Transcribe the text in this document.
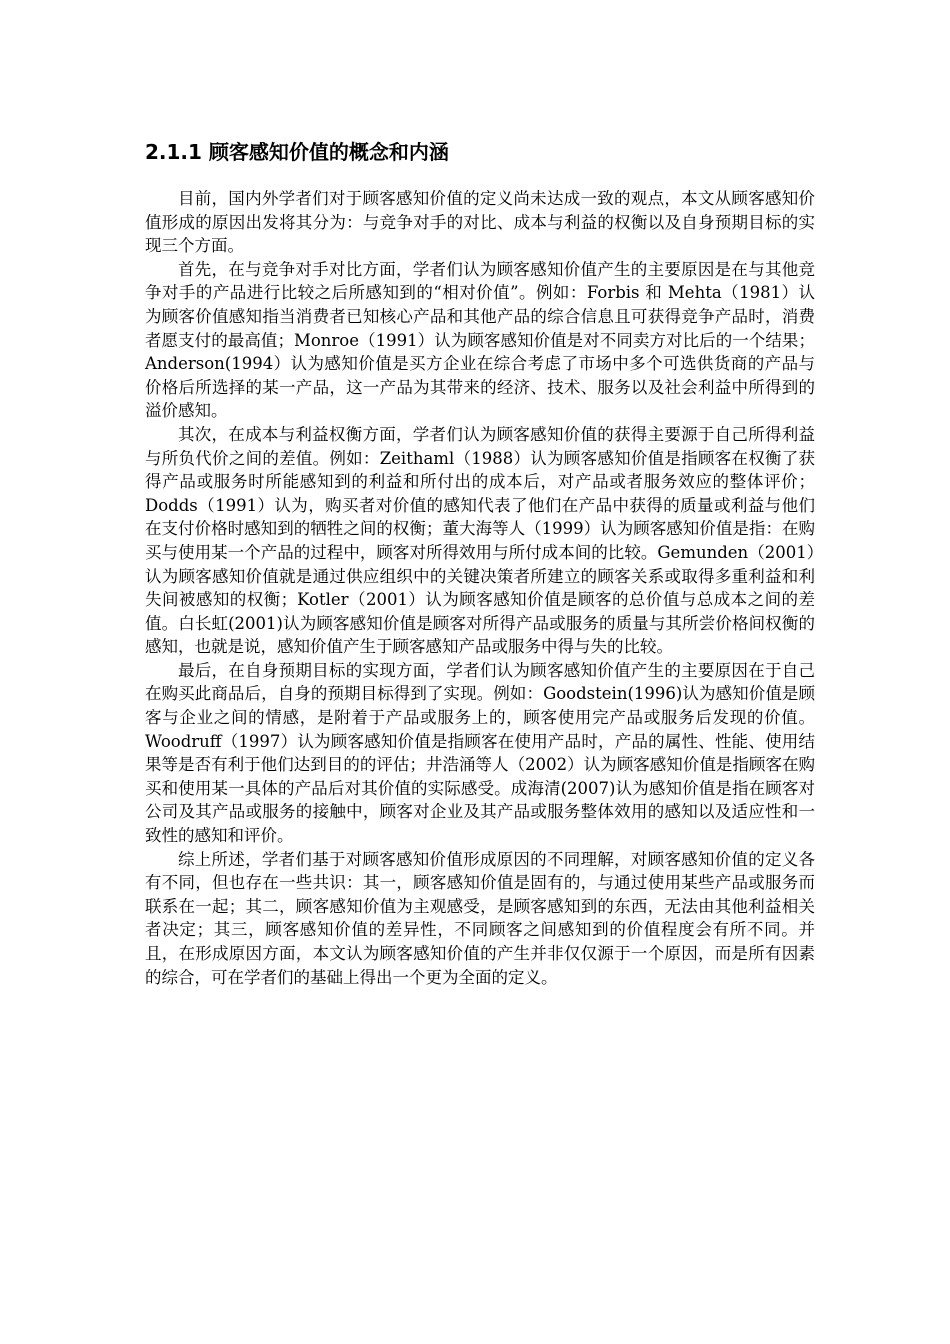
2.1.1 顾客感知价值的概念和内涵

目前，国内外学者们对于顾客感知价值的定义尚未达成一致的观点，本文从顾客感知价值形成的原因出发将其分为：与竞争对手的对比、成本与利益的权衡以及自身预期目标的实现三个方面。

首先，在与竞争对手对比方面，学者们认为顾客感知价值产生的主要原因是在与其他竞争对手的产品进行比较之后所感知到的“相对价值”。例如：Forbis 和 Mehta（1981）认为顾客价值感知指当消费者已知核心产品和其他产品的综合信息且可获得竞争产品时，消费者愿支付的最高值；Monroe（1991）认为顾客感知价值是对不同卖方对比后的一个结果；Anderson(1994）认为感知价值是买方企业在综合考虑了市场中多个可选供货商的产品与价格后所选择的某一产品，这一产品为其带来的经济、技术、服务以及社会利益中所得到的溢价感知。

其次，在成本与利益权衡方面，学者们认为顾客感知价值的获得主要源于自己所得利益与所负代价之间的差值。例如：Zeithaml（1988）认为顾客感知价值是指顾客在权衡了获得产品或服务时所能感知到的利益和所付出的成本后，对产品或者服务效应的整体评价；Dodds（1991）认为，购买者对价值的感知代表了他们在产品中获得的质量或利益与他们在支付价格时感知到的牺牲之间的权衡；董大海等人（1999）认为顾客感知价值是指：在购买与使用某一个产品的过程中，顾客对所得效用与所付成本间的比较。Gemunden（2001）认为顾客感知价值就是通过供应组织中的关键决策者所建立的顾客关系或取得多重利益和利失间被感知的权衡；Kotler（2001）认为顾客感知价值是顾客的总价值与总成本之间的差值。白长虹(2001)认为顾客感知价值是顾客对所得产品或服务的质量与其所尝价格间权衡的感知，也就是说，感知价值产生于顾客感知产品或服务中得与失的比较。

最后，在自身预期目标的实现方面，学者们认为顾客感知价值产生的主要原因在于自己在购买此商品后，自身的预期目标得到了实现。例如：Goodstein(1996)认为感知价值是顾客与企业之间的情感，是附着于产品或服务上的，顾客使用完产品或服务后发现的价值。Woodruff（1997）认为顾客感知价值是指顾客在使用产品时，产品的属性、性能、使用结果等是否有利于他们达到目的的评估；井浩涌等人（2002）认为顾客感知价值是指顾客在购买和使用某一具体的产品后对其价值的实际感受。成海清(2007)认为感知价值是指在顾客对公司及其产品或服务的接触中，顾客对企业及其产品或服务整体效用的感知以及适应性和一致性的感知和评价。

综上所述，学者们基于对顾客感知价值形成原因的不同理解，对顾客感知价值的定义各有不同，但也存在一些共识：其一，顾客感知价值是固有的，与通过使用某些产品或服务而联系在一起；其二，顾客感知价值为主观感受，是顾客感知到的东西，无法由其他利益相关者决定；其三，顾客感知价值的差异性，不同顾客之间感知到的价值程度会有所不同。并且，在形成原因方面，本文认为顾客感知价值的产生并非仅仅源于一个原因，而是所有因素的综合，可在学者们的基础上得出一个更为全面的定义。
